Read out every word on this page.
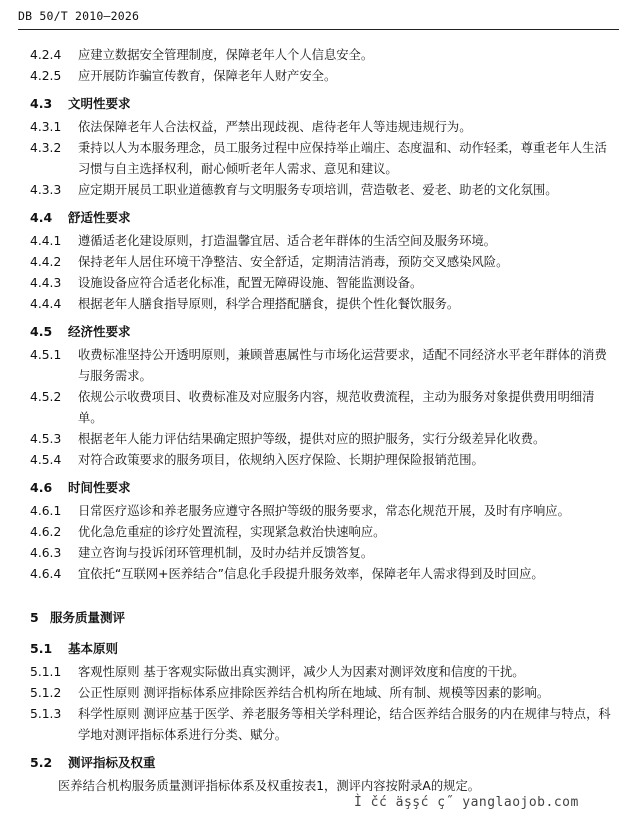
DB 50/T 2010—2026
4.2.4 应建立数据安全管理制度，保障老年人个人信息安全。
4.2.5 应开展防诈骗宣传教育，保障老年人财产安全。
4.3 文明性要求
4.3.1 依法保障老年人合法权益，严禁出现歧视、虐待老年人等违规违规行为。
4.3.2 秉持以人为本服务理念，员工服务过程中应保持举止端庄、态度温和、动作轻柔，尊重老年人生活习惯与自主选择权利，耐心倾听老年人需求、意见和建议。
4.3.3 应定期开展员工职业道德教育与文明服务专项培训，营造敬老、爱老、助老的文化氛围。
4.4 舒适性要求
4.4.1 遵循适老化建设原则，打造温馨宜居、适合老年群体的生活空间及服务环境。
4.4.2 保持老年人居住环境干净整洁、安全舒适，定期清洁消毒，预防交叉感染风险。
4.4.3 设施设备应符合适老化标准，配置无障碍设施、智能监测设备。
4.4.4 根据老年人膳食指导原则，科学合理搭配膳食，提供个性化餐饮服务。
4.5 经济性要求
4.5.1 收费标准坚持公开透明原则，兼顾普惠属性与市场化运营要求，适配不同经济水平老年群体的消费与服务需求。
4.5.2 依规公示收费项目、收费标准及对应服务内容，规范收费流程，主动为服务对象提供费用明细清单。
4.5.3 根据老年人能力评估结果确定照护等级，提供对应的照护服务，实行分级差异化收费。
4.5.4 对符合政策要求的服务项目，依规纳入医疗保险、长期护理保险报销范围。
4.6 时间性要求
4.6.1 日常医疗巡诊和养老服务应遵守各照护等级的服务要求，常态化规范开展，及时有序响应。
4.6.2 优化急危重症的诊疗处置流程，实现紧急救治快速响应。
4.6.3 建立咨询与投诉闭环管理机制，及时办结并反馈答复。
4.6.4 宜依托“互联网+医养结合”信息化手段提升服务效率，保障老年人需求得到及时回应。
5 服务质量测评
5.1 基本原则
5.1.1 客观性原则 基于客观实际做出真实测评，减少人为因素对测评效度和信度的干扰。
5.1.2 公正性原则 测评指标体系应排除医养结合机构所在地域、所有制、规模等因素的影响。
5.1.3 科学性原则 测评应基于医学、养老服务等相关学科理论，结合医养结合服务的内在规律与特点，科学地对测评指标体系进行分类、赋分。
5.2 测评指标及权重
医养结合机构服务质量测评指标体系及权重按表1，测评内容按附录A的规定。
Ì čć äşşć ç˝ yanglaojob.com
